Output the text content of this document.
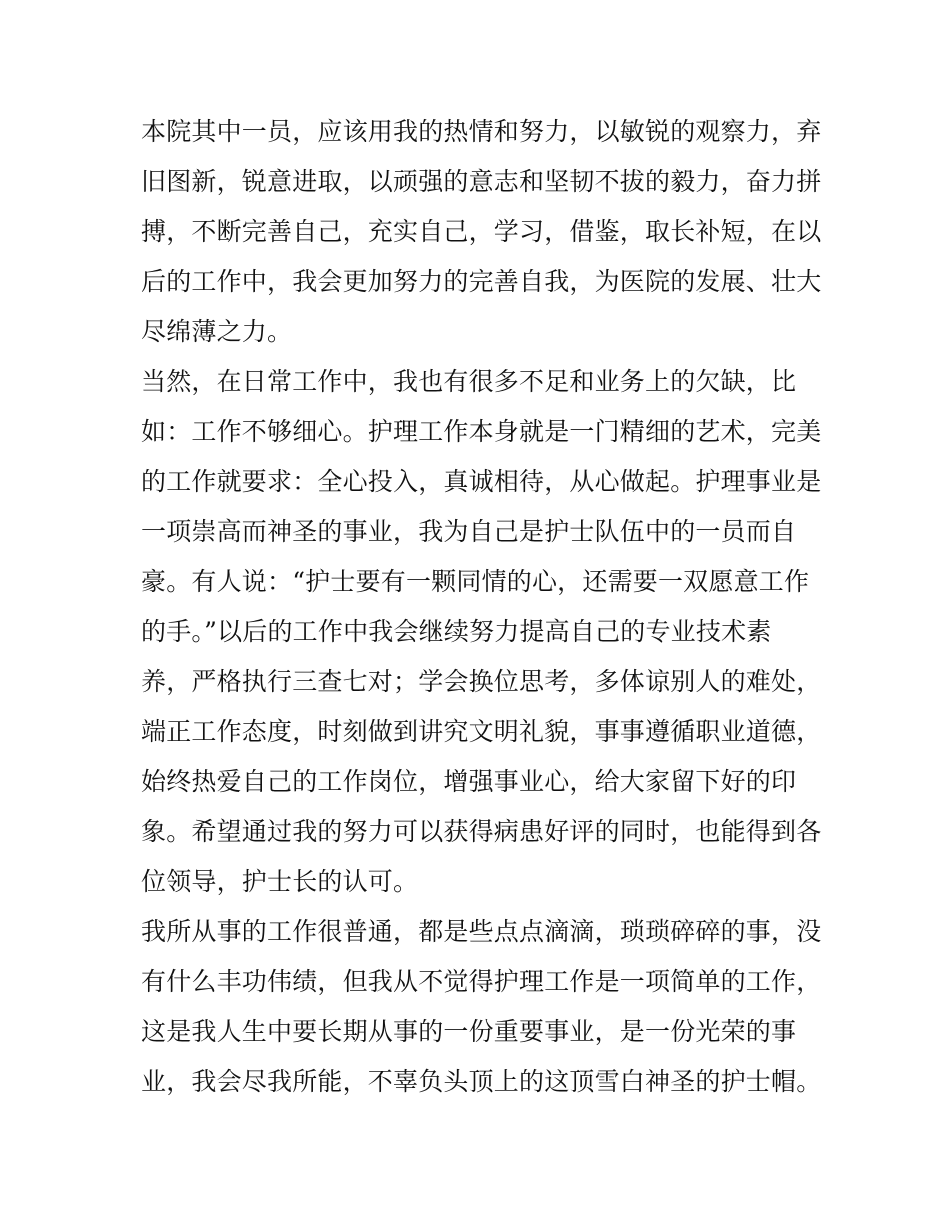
本院其中一员，应该用我的热情和努力，以敏锐的观察力，弃
旧图新，锐意进取，以顽强的意志和坚韧不拔的毅力，奋力拼
搏，不断完善自己，充实自己，学习，借鉴，取长补短，在以
后的工作中，我会更加努力的完善自我，为医院的发展、壮大
尽绵薄之力。
当然，在日常工作中，我也有很多不足和业务上的欠缺，比
如：工作不够细心。护理工作本身就是一门精细的艺术，完美
的工作就要求：全心投入，真诚相待，从心做起。护理事业是
一项崇高而神圣的事业，我为自己是护士队伍中的一员而自
豪。有人说：“护士要有一颗同情的心，还需要一双愿意工作
的手。”以后的工作中我会继续努力提高自己的专业技术素
养，严格执行三查七对；学会换位思考，多体谅别人的难处，
端正工作态度，时刻做到讲究文明礼貌，事事遵循职业道德，
始终热爱自己的工作岗位，增强事业心，给大家留下好的印
象。希望通过我的努力可以获得病患好评的同时，也能得到各
位领导，护士长的认可。
我所从事的工作很普通，都是些点点滴滴，琐琐碎碎的事，没
有什么丰功伟绩，但我从不觉得护理工作是一项简单的工作，
这是我人生中要长期从事的一份重要事业，是一份光荣的事
业，我会尽我所能，不辜负头顶上的这顶雪白神圣的护士帽。
